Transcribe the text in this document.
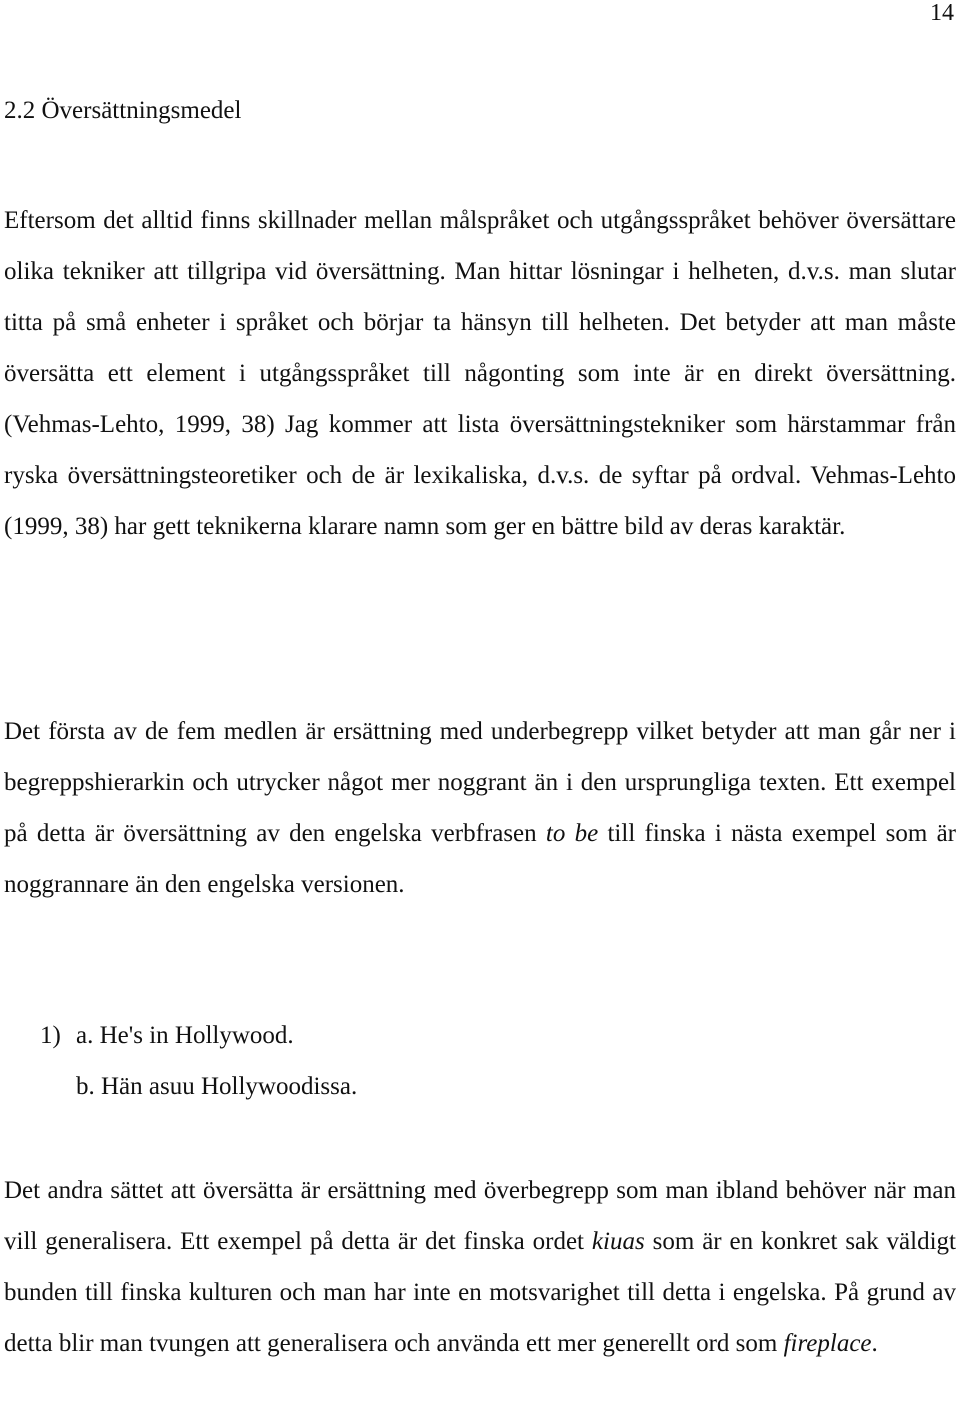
14
2.2 Översättningsmedel

Eftersom det alltid finns skillnader mellan målspråket och utgångsspråket behöver översättare olika tekniker att tillgripa vid översättning. Man hittar lösningar i helheten, d.v.s. man slutar titta på små enheter i språket och börjar ta hänsyn till helheten. Det betyder att man måste översätta ett element i utgångsspråket till någonting som inte är en direkt översättning. (Vehmas-Lehto, 1999, 38) Jag kommer att lista översättningstekniker som härstammar från ryska översättningsteoretiker och de är lexikaliska, d.v.s. de syftar på ordval. Vehmas-Lehto (1999, 38) har gett teknikerna klarare namn som ger en bättre bild av deras karaktär.

Det första av de fem medlen är ersättning med underbegrepp vilket betyder att man går ner i begreppshierarkin och utrycker något mer noggrant än i den ursprungliga texten. Ett exempel på detta är översättning av den engelska verbfrasen to be till finska i nästa exempel som är noggrannare än den engelska versionen.

1) a. He's in Hollywood.
b. Hän asuu Hollywoodissa.

Det andra sättet att översätta är ersättning med överbegrepp som man ibland behöver när man vill generalisera. Ett exempel på detta är det finska ordet kiuas som är en konkret sak väldigt bunden till finska kulturen och man har inte en motsvarighet till detta i engelska. På grund av detta blir man tvungen att generalisera och använda ett mer generellt ord som fireplace.
